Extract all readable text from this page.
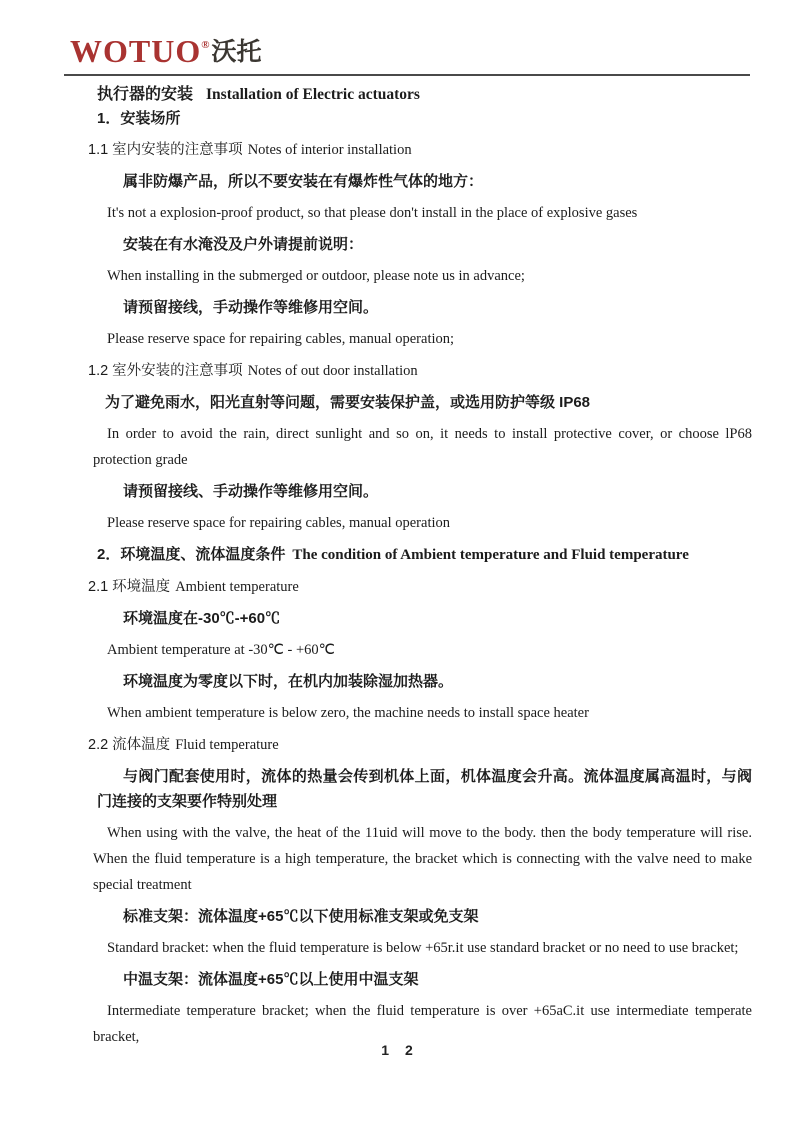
WOTUO®沃托
执行器的安装 Installation of Electric actuators
1．安装场所
1.1 室内安装的注意事项 Notes of interior installation
属非防爆产品，所以不要安装在有爆炸性气体的地方：
It's not a explosion-proof product, so that please don't install in the place of explosive gases
安装在有水淹没及户外请提前说明：
When installing in the submerged or outdoor, please note us in advance;
请预留接线，手动操作等维修用空间。
Please reserve space for repairing cables, manual operation;
1.2 室外安装的注意事项 Notes of out door installation
为了避免雨水，阳光直射等问题，需要安装保护盖，或选用防护等级 IP68
In order to avoid the rain, direct sunlight and so on, it needs to install protective cover, or choose lP68 protection grade
请预留接线、手动操作等维修用空间。
Please reserve space for repairing cables, manual operation
2．环境温度、流体温度条件 The condition of Ambient temperature and Fluid temperature
2.1 环境温度 Ambient temperature
环境温度在-30℃-+60℃
Ambient temperature at -30℃ - +60℃
环境温度为零度以下时，在机内加装除湿加热器。
When ambient temperature is below zero, the machine needs to install space heater
2.2 流体温度 Fluid temperature
与阀门配套使用时，流体的热量会传到机体上面，机体温度会升高。流体温度属高温时，与阀门连接的支架要作特别处理
When using with the valve, the heat of the 11uid will move to the body. then the body temperature will rise. When the fluid temperature is a high temperature, the bracket which is connecting with the valve need to make special treatment
标准支架：流体温度+65℃以下使用标准支架或免支架
Standard bracket: when the fluid temperature is below +65r.it use standard bracket or no need to use bracket;
中温支架：流体温度+65℃以上使用中温支架
Intermediate temperature bracket; when the fluid temperature is over +65aC.it use intermediate temperate bracket,
1 2
